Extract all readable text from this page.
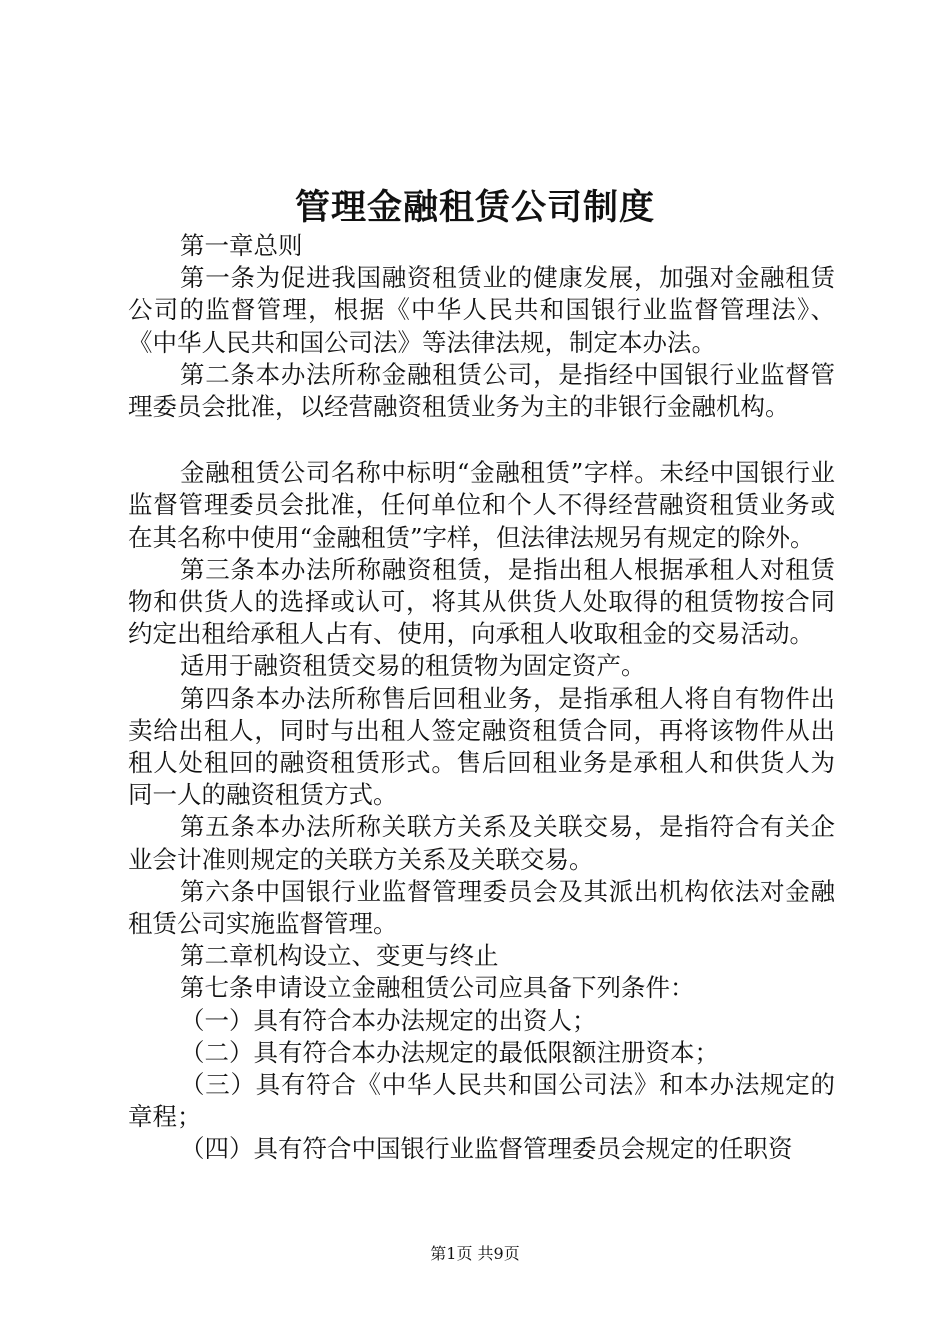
管理金融租赁公司制度

第一章总则

第一条为促进我国融资租赁业的健康发展，加强对金融租赁公司的监督管理，根据《中华人民共和国银行业监督管理法》、《中华人民共和国公司法》等法律法规，制定本办法。

第二条本办法所称金融租赁公司，是指经中国银行业监督管理委员会批准，以经营融资租赁业务为主的非银行金融机构。

金融租赁公司名称中标明“金融租赁”字样。未经中国银行业监督管理委员会批准，任何单位和个人不得经营融资租赁业务或在其名称中使用“金融租赁”字样，但法律法规另有规定的除外。

第三条本办法所称融资租赁，是指出租人根据承租人对租赁物和供货人的选择或认可，将其从供货人处取得的租赁物按合同约定出租给承租人占有、使用，向承租人收取租金的交易活动。

适用于融资租赁交易的租赁物为固定资产。

第四条本办法所称售后回租业务，是指承租人将自有物件出卖给出租人，同时与出租人签定融资租赁合同，再将该物件从出租人处租回的融资租赁形式。售后回租业务是承租人和供货人为同一人的融资租赁方式。

第五条本办法所称关联方关系及关联交易，是指符合有关企业会计准则规定的关联方关系及关联交易。

第六条中国银行业监督管理委员会及其派出机构依法对金融租赁公司实施监督管理。

第二章机构设立、变更与终止

第七条申请设立金融租赁公司应具备下列条件：

（一）具有符合本办法规定的出资人；

（二）具有符合本办法规定的最低限额注册资本；

（三）具有符合《中华人民共和国公司法》和本办法规定的章程；

（四）具有符合中国银行业监督管理委员会规定的任职资

第1页 共9页
